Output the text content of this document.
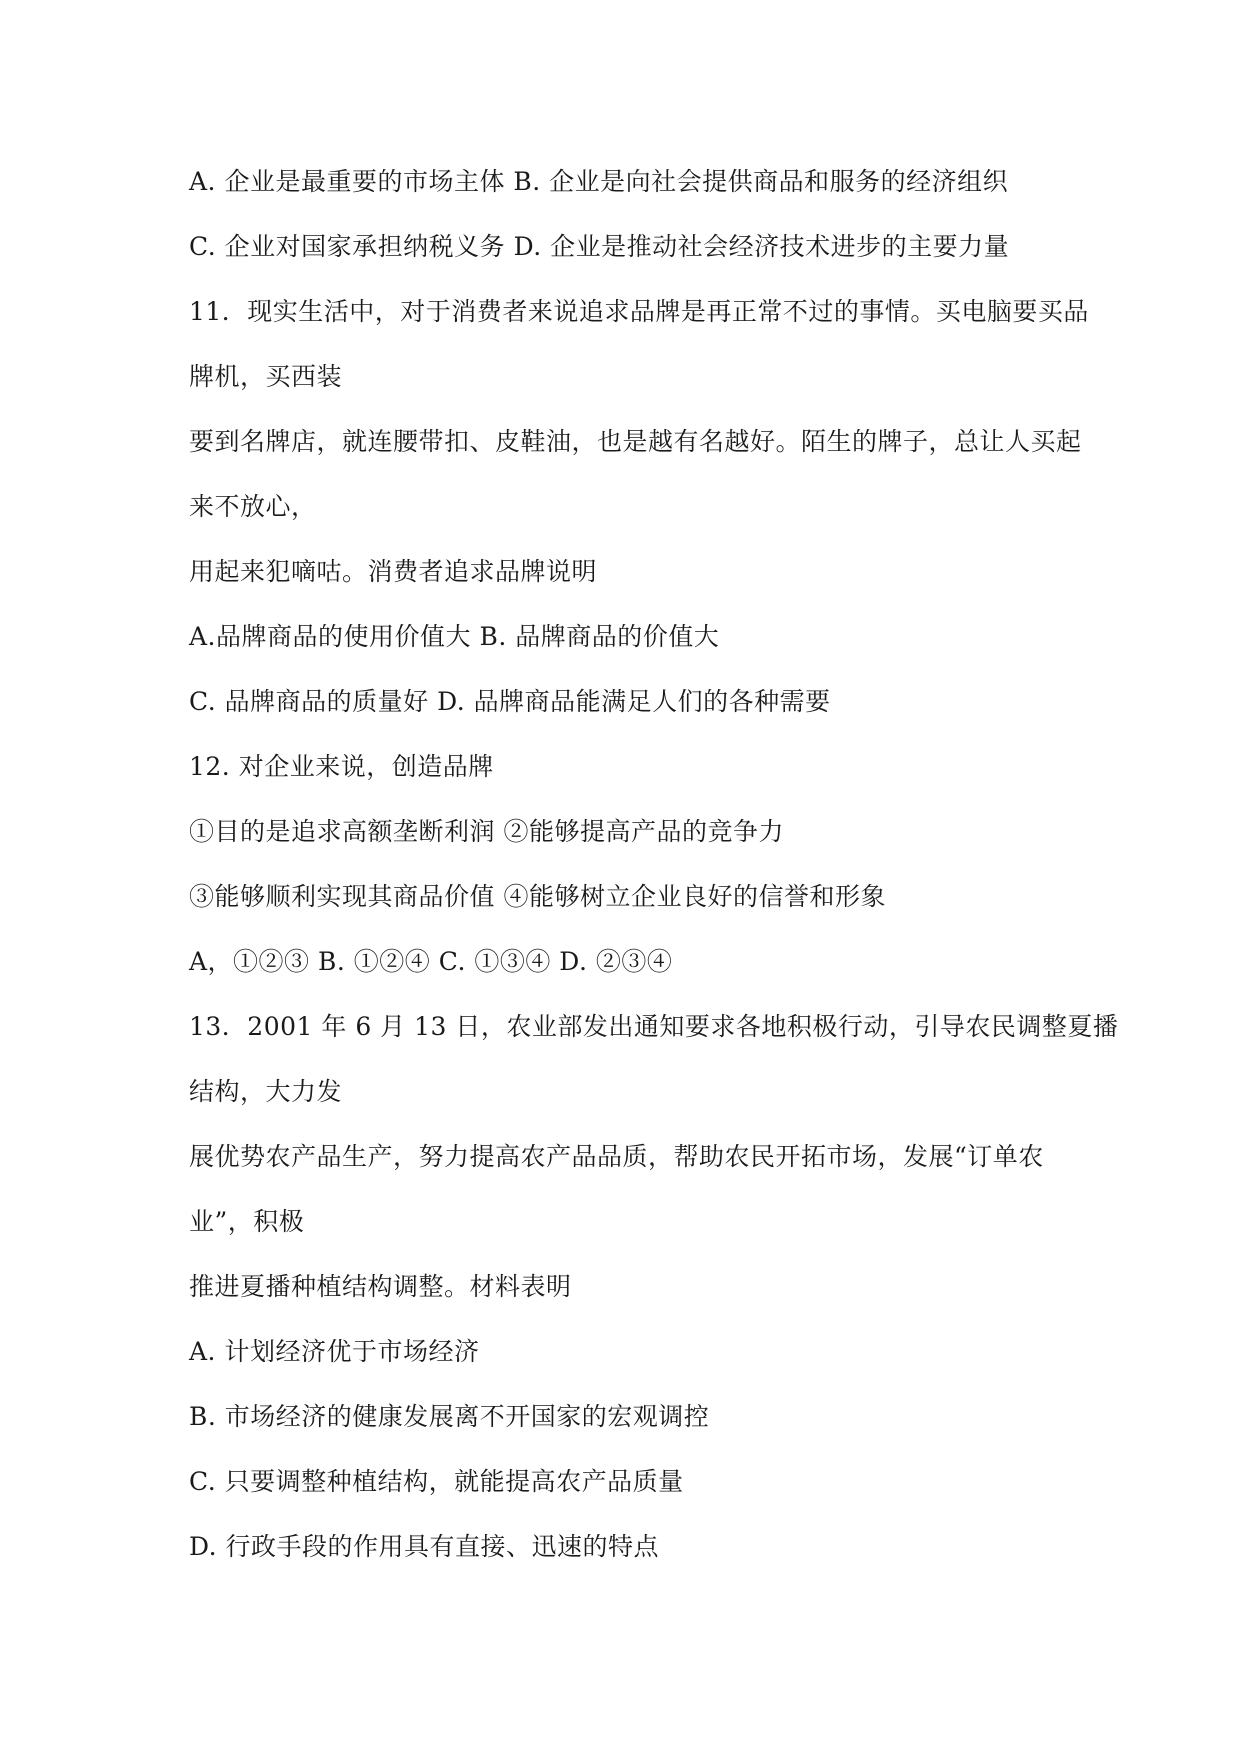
A. 企业是最重要的市场主体 B. 企业是向社会提供商品和服务的经济组织
C. 企业对国家承担纳税义务 D. 企业是推动社会经济技术进步的主要力量
11．现实生活中，对于消费者来说追求品牌是再正常不过的事情。买电脑要买品
牌机，买西装
要到名牌店，就连腰带扣、皮鞋油，也是越有名越好。陌生的牌子，总让人买起
来不放心，
用起来犯嘀咕。消费者追求品牌说明
A.品牌商品的使用价值大 B. 品牌商品的价值大
C. 品牌商品的质量好 D. 品牌商品能满足人们的各种需要
12. 对企业来说，创造品牌
①目的是追求高额垄断利润 ②能够提高产品的竞争力
③能够顺利实现其商品价值 ④能够树立企业良好的信誉和形象
A，①②③ B. ①②④ C. ①③④ D. ②③④
13．2001 年 6 月 13 日，农业部发出通知要求各地积极行动，引导农民调整夏播
结构，大力发
展优势农产品生产，努力提高农产品品质，帮助农民开拓市场，发展“订单农
业”，积极
推进夏播种植结构调整。材料表明
A. 计划经济优于市场经济
B. 市场经济的健康发展离不开国家的宏观调控
C. 只要调整种植结构，就能提高农产品质量
D. 行政手段的作用具有直接、迅速的特点
